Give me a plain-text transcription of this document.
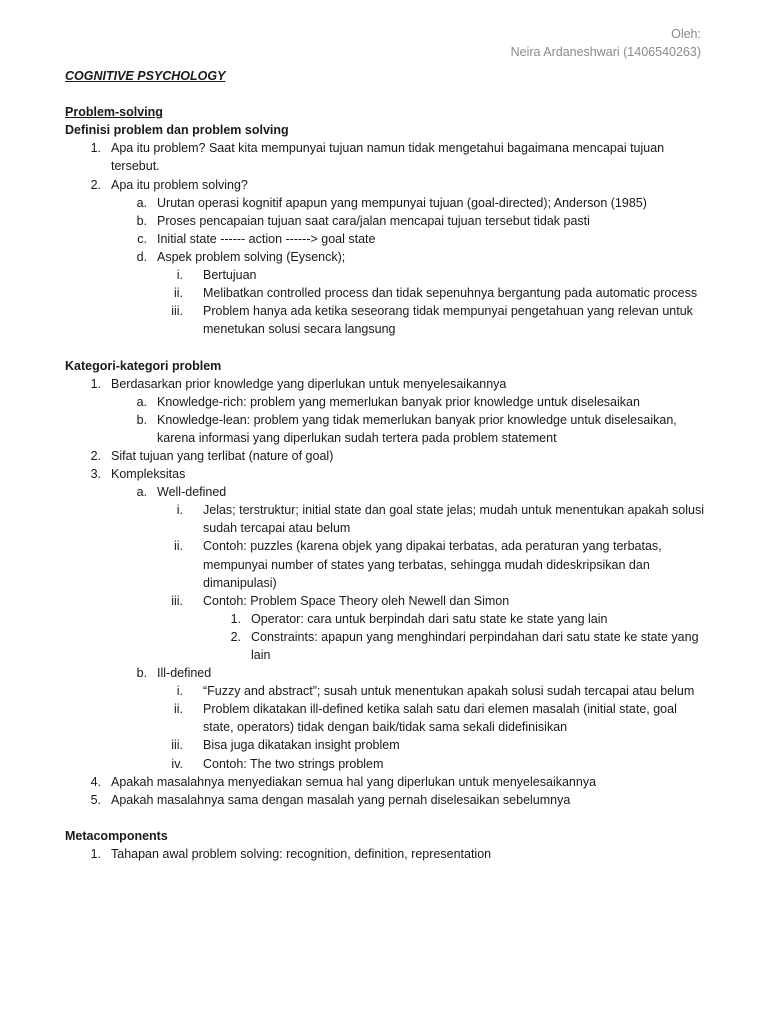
Oleh:
Neira Ardaneshwari (1406540263)
COGNITIVE PSYCHOLOGY
Problem-solving
Definisi problem dan problem solving
1. Apa itu problem? Saat kita mempunyai tujuan namun tidak mengetahui bagaimana mencapai tujuan tersebut.
2. Apa itu problem solving?
a. Urutan operasi kognitif apapun yang mempunyai tujuan (goal-directed); Anderson (1985)
b. Proses pencapaian tujuan saat cara/jalan mencapai tujuan tersebut tidak pasti
c. Initial state ------ action ------> goal state
d. Aspek problem solving (Eysenck);
i. Bertujuan
ii. Melibatkan controlled process dan tidak sepenuhnya bergantung pada automatic process
iii. Problem hanya ada ketika seseorang tidak mempunyai pengetahuan yang relevan untuk menetukan solusi secara langsung
Kategori-kategori problem
1. Berdasarkan prior knowledge yang diperlukan untuk menyelesaikannya
a. Knowledge-rich: problem yang memerlukan banyak prior knowledge untuk diselesaikan
b. Knowledge-lean: problem yang tidak memerlukan banyak prior knowledge untuk diselesaikan, karena informasi yang diperlukan sudah tertera pada problem statement
2. Sifat tujuan yang terlibat (nature of goal)
3. Kompleksitas
a. Well-defined
i. Jelas; terstruktur; initial state dan goal state jelas; mudah untuk menentukan apakah solusi sudah tercapai atau belum
ii. Contoh: puzzles (karena objek yang dipakai terbatas, ada peraturan yang terbatas, mempunyai number of states yang terbatas, sehingga mudah dideskripsikan dan dimanipulasi)
iii. Contoh: Problem Space Theory oleh Newell dan Simon
1. Operator: cara untuk berpindah dari satu state ke state yang lain
2. Constraints: apapun yang menghindari perpindahan dari satu state ke state yang lain
b. Ill-defined
i. “Fuzzy and abstract”; susah untuk menentukan apakah solusi sudah tercapai atau belum
ii. Problem dikatakan ill-defined ketika salah satu dari elemen masalah (initial state, goal state, operators) tidak dengan baik/tidak sama sekali didefinisikan
iii. Bisa juga dikatakan insight problem
iv. Contoh: The two strings problem
4. Apakah masalahnya menyediakan semua hal yang diperlukan untuk menyelesaikannya
5. Apakah masalahnya sama dengan masalah yang pernah diselesaikan sebelumnya
Metacomponents
1. Tahapan awal problem solving: recognition, definition, representation
